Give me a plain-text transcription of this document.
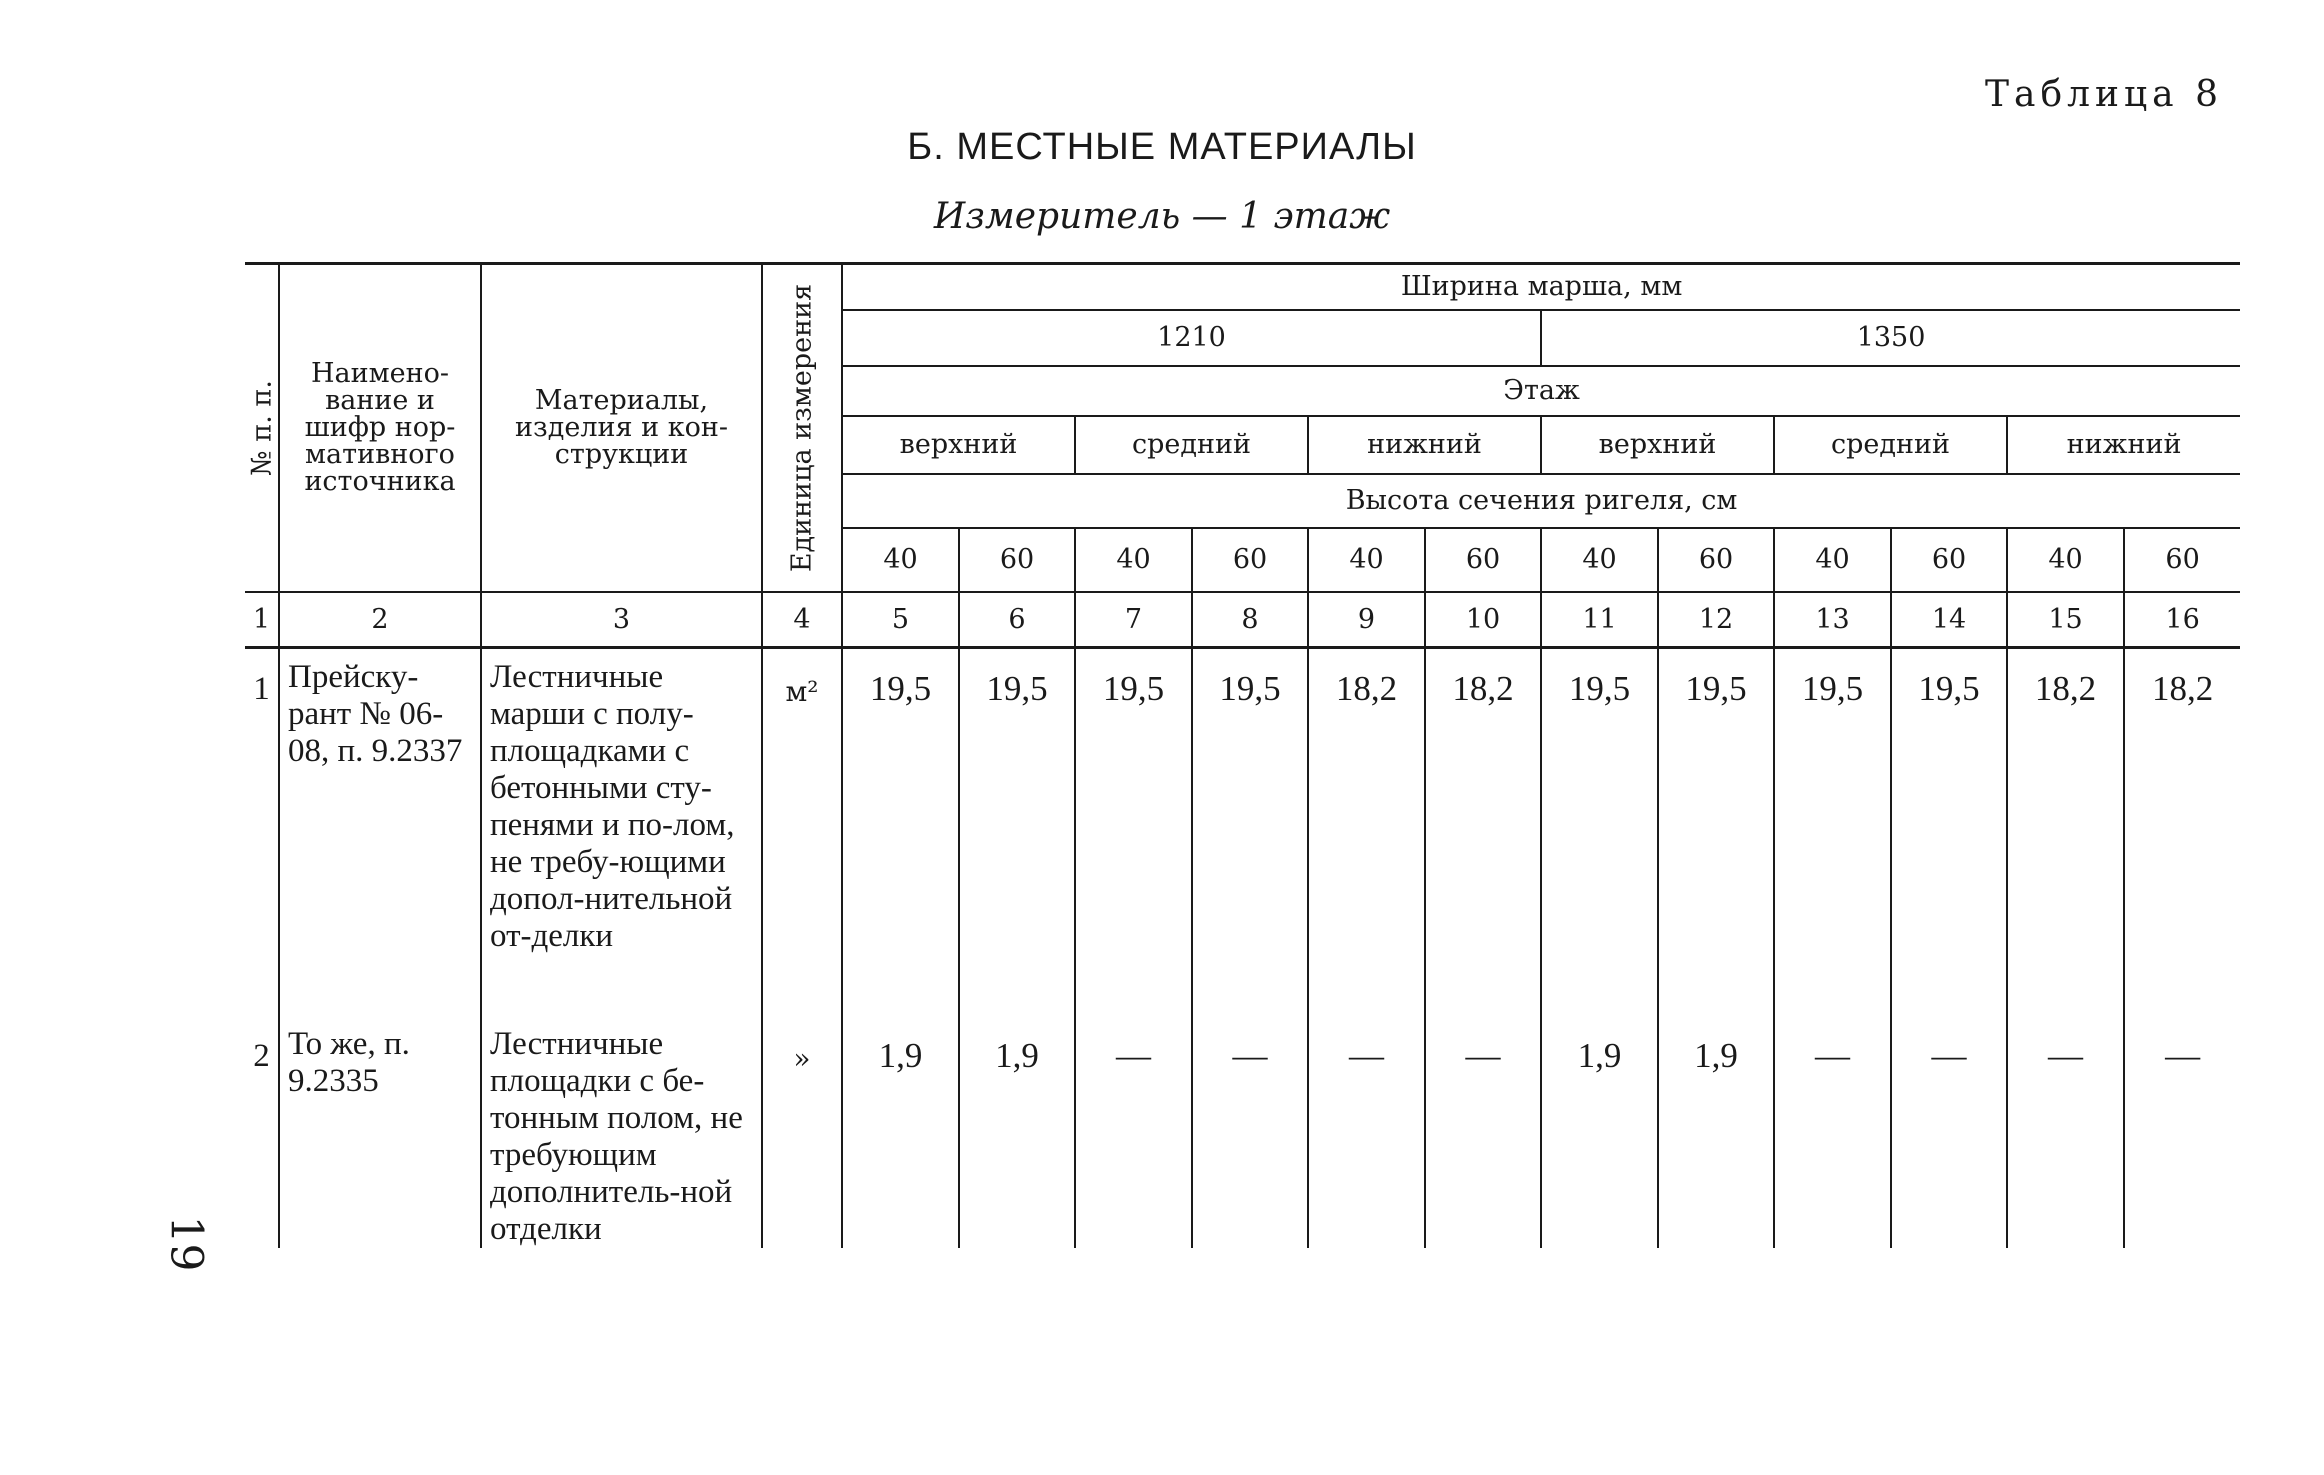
Таблица 8
Б. МЕСТНЫЕ МАТЕРИАЛЫ
Измеритель — 1 этаж
19
№ п. п.	Наимено-вание и шифр нор-мативного источника	Материалы, изделия и кон-струкции	Единица измерения	Ширина марша, мм											
				1210						1350					
				Этаж											
				верхний		средний		нижний		верхний		средний		нижний	
				Высота сечения ригеля, см											
				40	60	40	60	40	60	40	60	40	60	40	60
1	2	3	4	5	6	7	8	9	10	11	12	13	14	15	16
1	Прейску-рант № 06-08, п. 9.2337	Лестничные марши с полу-площадками с бетонными сту-пенями и по-лом, не требу-ющими допол-нительной от-делки	м²	19,5	19,5	19,5	19,5	18,2	18,2	19,5	19,5	19,5	19,5	18,2	18,2
2	То же, п. 9.2335	Лестничные площадки с бе-тонным полом, не требующим дополнитель-ной отделки	»	1,9	1,9	—	—	—	—	1,9	1,9	—	—	—	—
